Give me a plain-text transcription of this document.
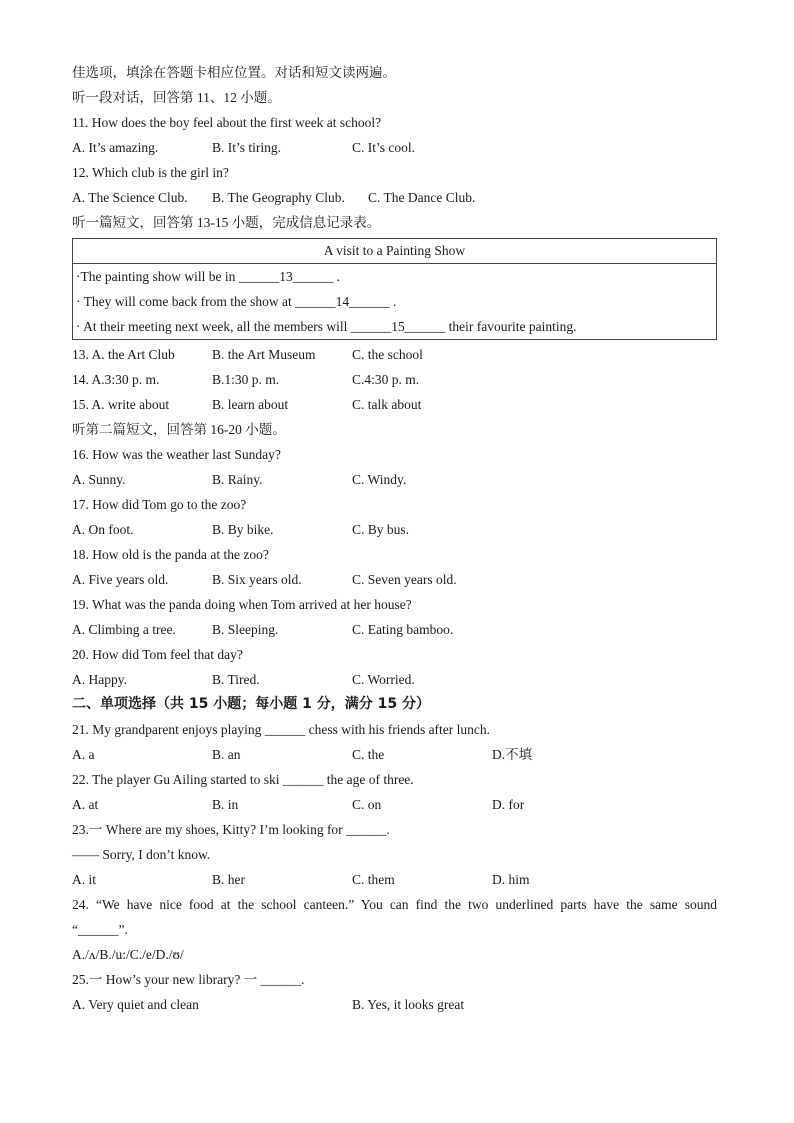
佳选项，填涂在答题卡相应位置。对话和短文读两遍。
听一段对话，回答第 11、12 小题。
11. How does the boy feel about the first week at school?
A. It’s amazing.	B. It’s tiring.	C. It’s cool.
12. Which club is the girl in?
A. The Science Club. B. The Geography Club. C. The Dance Club.
听一篇短文，回答第 13-15 小题，完成信息记录表。
A visit to a Painting Show
·The painting show will be in ______13______ .
· They will come back from the show at ______14______ .
· At their meeting next week, all the members will ______15______ their favourite painting.
13. A. the Art Club	B. the Art Museum	C. the school
14. A.3:30 p. m.	B.1:30 p. m.	C.4:30 p. m.
15. A. write about	B. learn about	C. talk about
听第二篇短文，回答第 16-20 小题。
16. How was the weather last Sunday?
A. Sunny.	B. Rainy.	C. Windy.
17. How did Tom go to the zoo?
A. On foot.	B. By bike.	C. By bus.
18. How old is the panda at the zoo?
A. Five years old.	B. Six years old.	C. Seven years old.
19. What was the panda doing when Tom arrived at her house?
A. Climbing a tree.	B. Sleeping.	C. Eating bamboo.
20. How did Tom feel that day?
A. Happy.	B. Tired.	C. Worried.
二、单项选择（共 15 小题；每小题 1 分，满分 15 分）
21. My grandparent enjoys playing ______ chess with his friends after lunch.
A. a	B. an	C. the	D.不填
22. The player Gu Ailing started to ski ______ the age of three.
A. at	B. in	C. on	D. for
23.一 Where are my shoes, Kitty? I’m looking for ______.
—— Sorry, I don’t know.
A. it	B. her	C. them	D. him
24. “We have nice food at the school canteen.” You can find the two underlined parts have the same sound
“______”.
A./ʌ/B./u:/C./e/D./ʊ/
25.一 How’s your new library? 一 ______.
A. Very quiet and clean	B. Yes, it looks great
